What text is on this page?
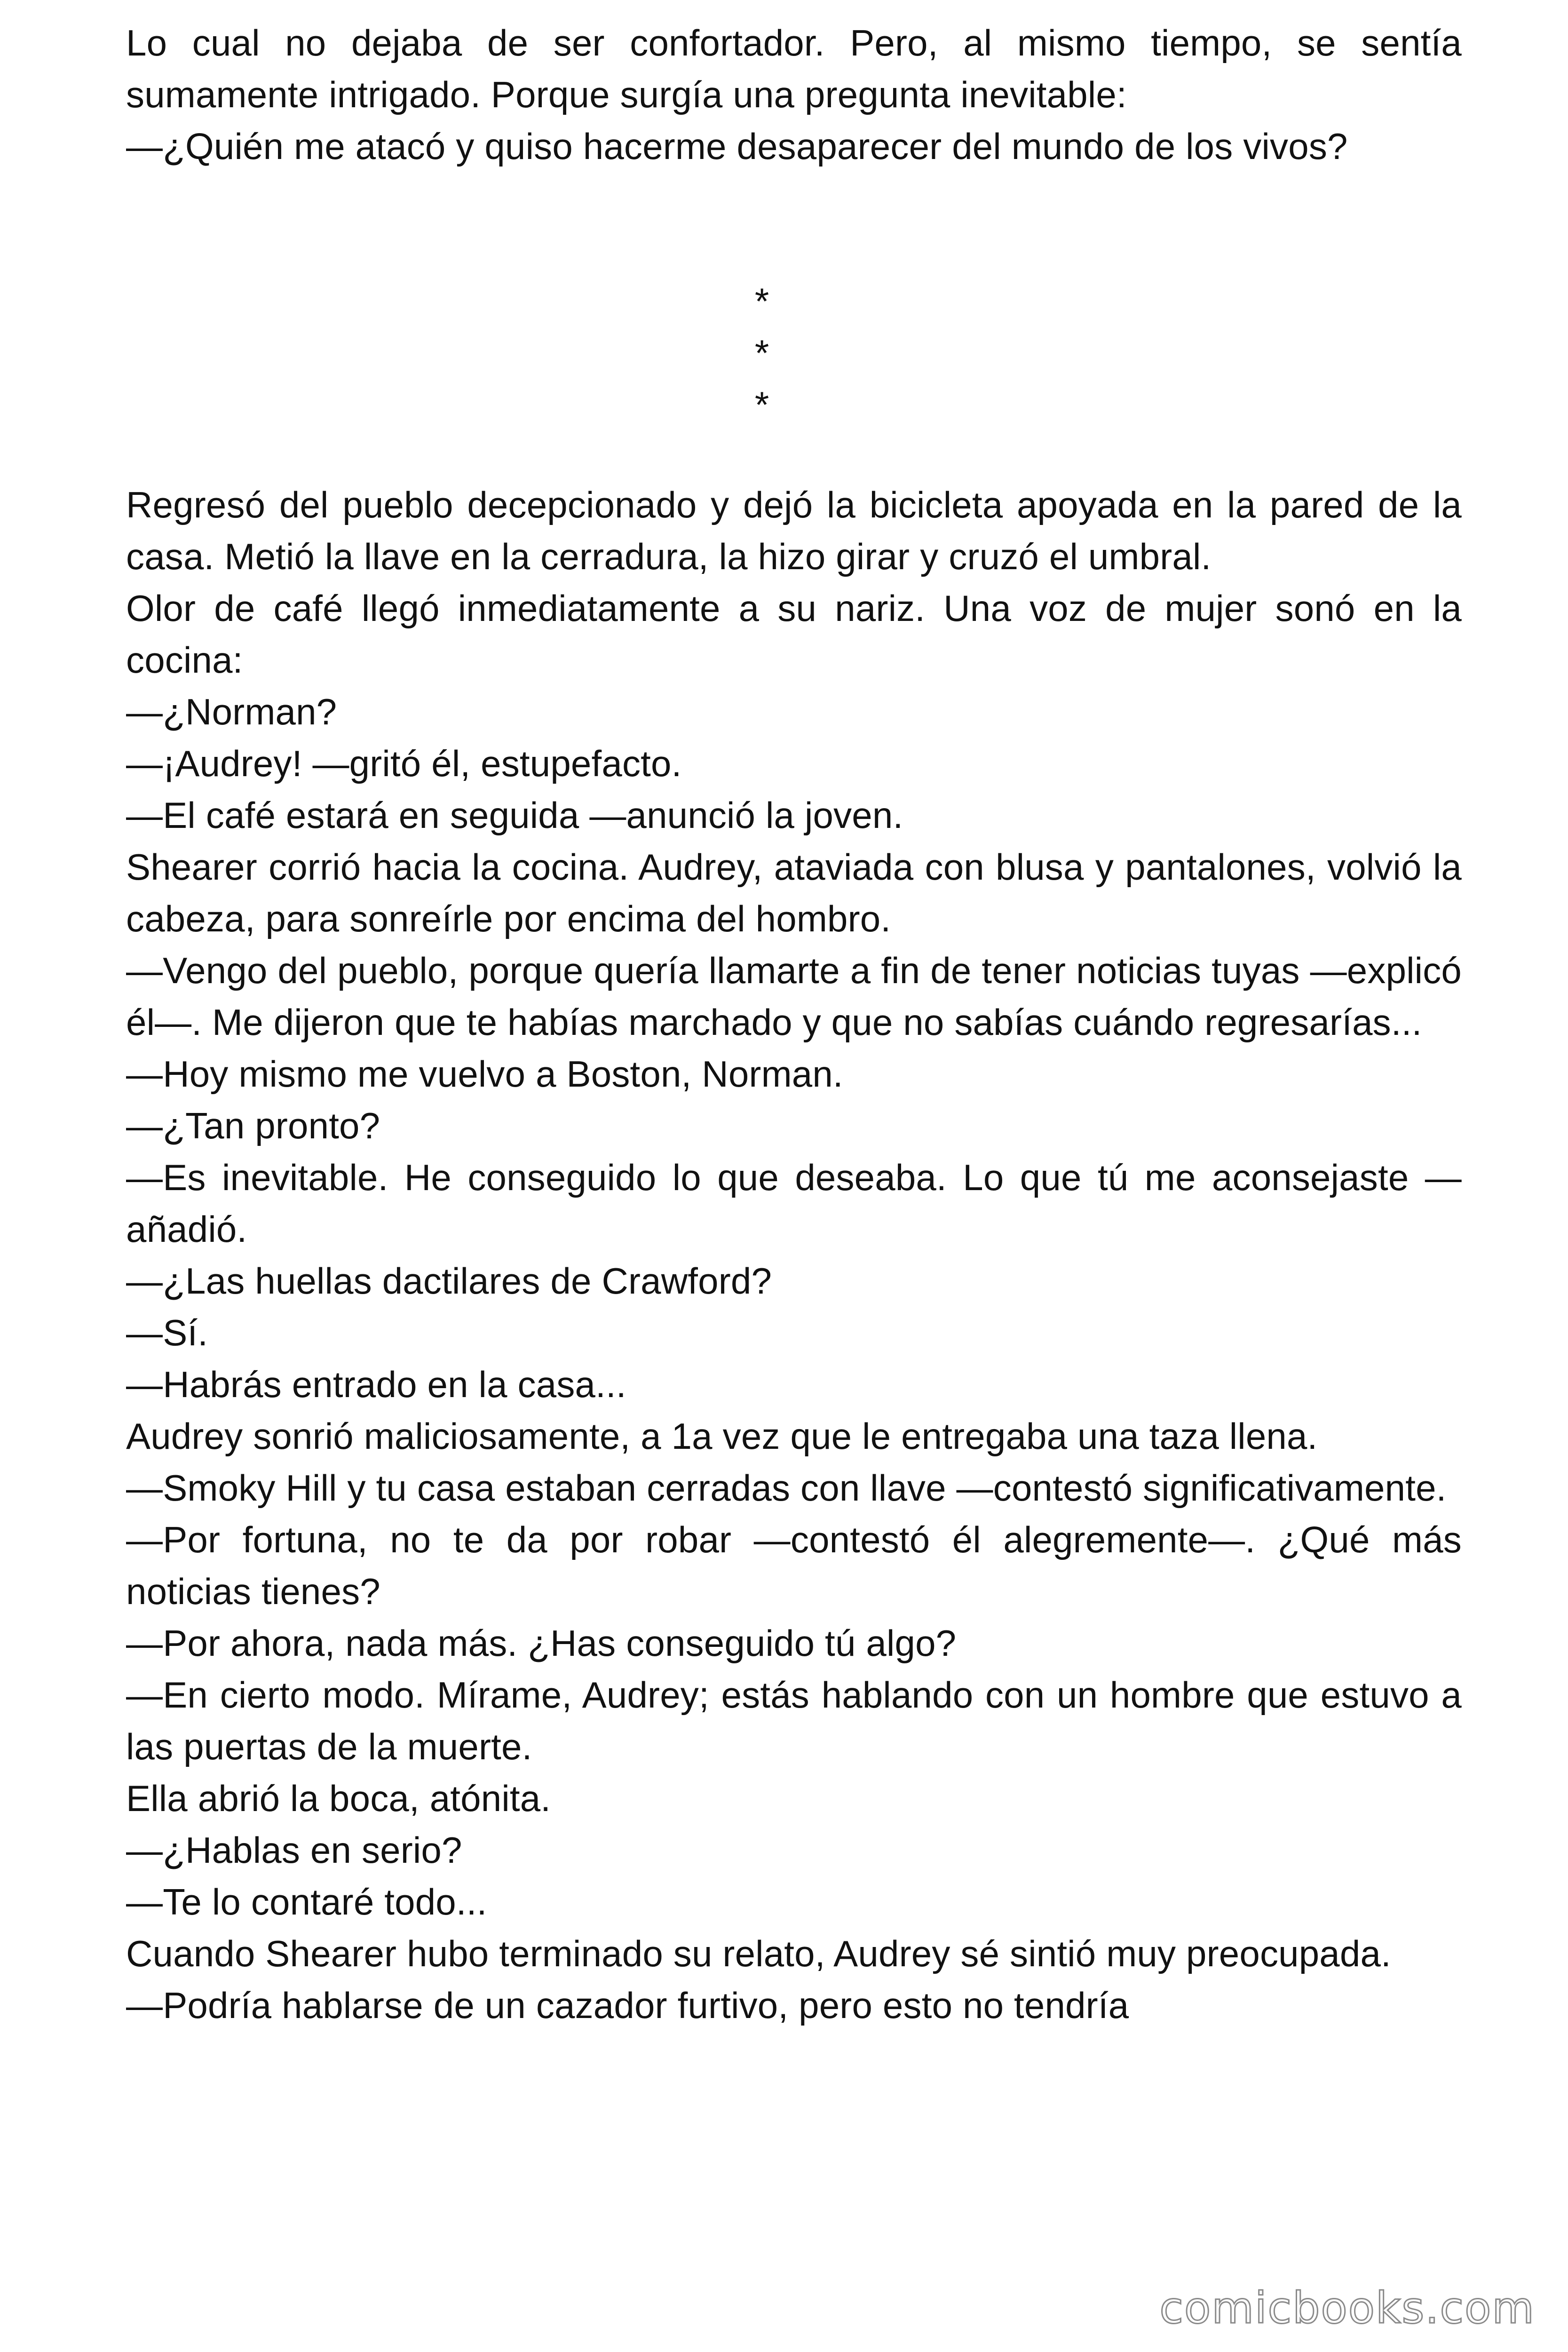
Lo cual no dejaba de ser confortador. Pero, al mismo tiempo, se sentía sumamente intrigado. Porque surgía una pregunta inevitable:

—¿Quién me atacó y quiso hacerme desaparecer del mundo de los vivos?

*
*
*

Regresó del pueblo decepcionado y dejó la bicicleta apoyada en la pared de la casa. Metió la llave en la cerradura, la hizo girar y cruzó el umbral.

Olor de café llegó inmediatamente a su nariz. Una voz de mujer sonó en la cocina:

—¿Norman?

—¡Audrey! —gritó él, estupefacto.

—El café estará en seguida —anunció la joven.

Shearer corrió hacia la cocina. Audrey, ataviada con blusa y pantalones, volvió la cabeza, para sonreírle por encima del hombro.

—Vengo del pueblo, porque quería llamarte a fin de tener noticias tuyas —explicó él—. Me dijeron que te habías marchado y que no sabías cuándo regresarías...

—Hoy mismo me vuelvo a Boston, Norman.

—¿Tan pronto?

—Es inevitable. He conseguido lo que deseaba. Lo que tú me aconsejaste —añadió.

—¿Las huellas dactilares de Crawford?

—Sí.

—Habrás entrado en la casa...

Audrey sonrió maliciosamente, a 1a vez que le entregaba una taza llena.

—Smoky Hill y tu casa estaban cerradas con llave —contestó significativamente.

—Por fortuna, no te da por robar —contestó él alegremente—. ¿Qué más noticias tienes?

—Por ahora, nada más. ¿Has conseguido tú algo?

—En cierto modo. Mírame, Audrey; estás hablando con un hombre que estuvo a las puertas de la muerte.

Ella abrió la boca, atónita.

—¿Hablas en serio?

—Te lo contaré todo...

Cuando Shearer hubo terminado su relato, Audrey sé sintió muy preocupada.

—Podría hablarse de un cazador furtivo, pero esto no tendría

comicbooks.com
